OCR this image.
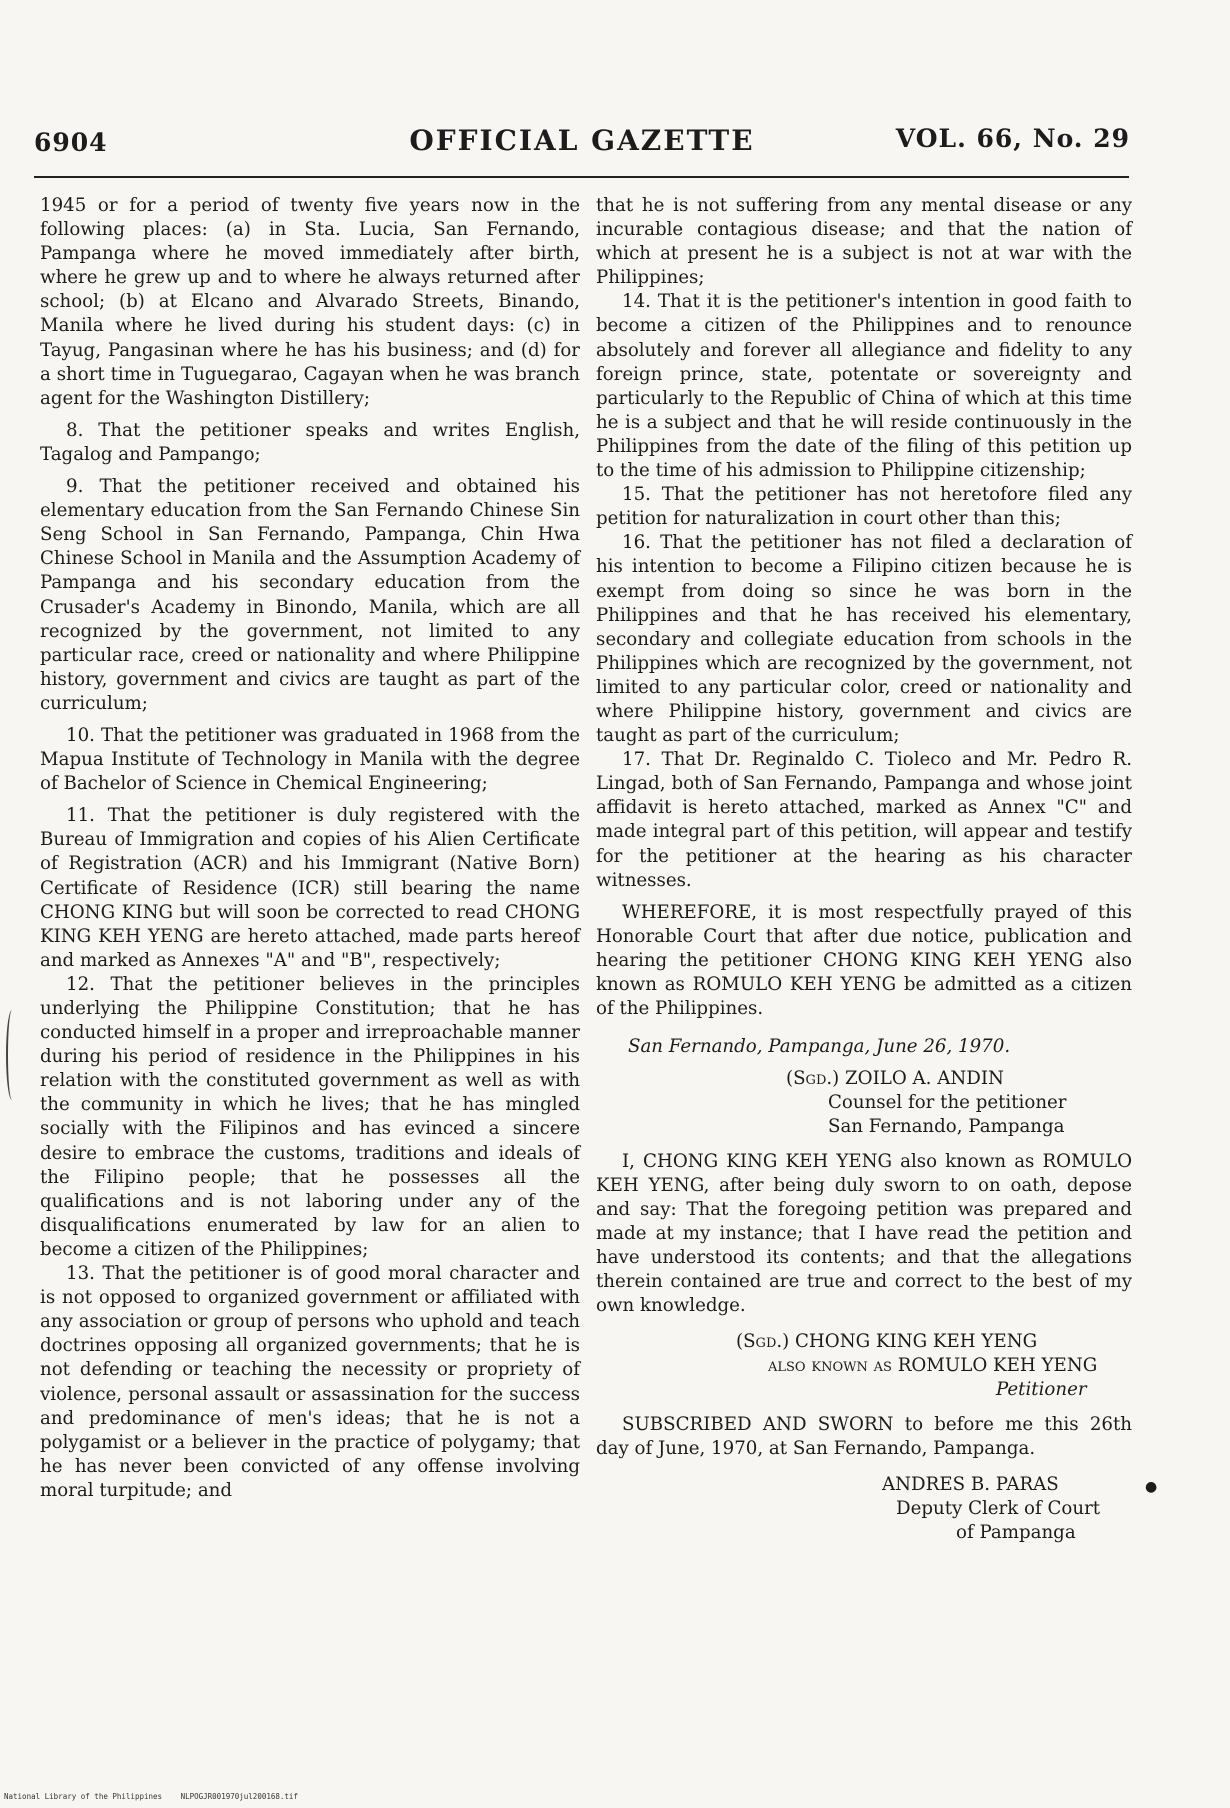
6904	OFFICIAL GAZETTE	VOL. 66, No. 29

1945 or for a period of twenty five years now in the following places: (a) in Sta. Lucia, San Fernando, Pampanga where he moved immediately after birth, where he grew up and to where he always returned after school; (b) at Elcano and Alvarado Streets, Binando, Manila where he lived during his student days: (c) in Tayug, Pangasinan where he has his business; and (d) for a short time in Tuguegarao, Cagayan when he was branch agent for the Washington Distillery;

8. That the petitioner speaks and writes English, Tagalog and Pampango;

9. That the petitioner received and obtained his elementary education from the San Fernando Chinese Sin Seng School in San Fernando, Pampanga, Chin Hwa Chinese School in Manila and the Assumption Academy of Pampanga and his secondary education from the Crusader's Academy in Binondo, Manila, which are all recognized by the government, not limited to any particular race, creed or nationality and where Philippine history, government and civics are taught as part of the curriculum;

10. That the petitioner was graduated in 1968 from the Mapua Institute of Technology in Manila with the degree of Bachelor of Science in Chemical Engineering;

11. That the petitioner is duly registered with the Bureau of Immigration and copies of his Alien Certificate of Registration (ACR) and his Immigrant (Native Born) Certificate of Residence (ICR) still bearing the name CHONG KING but will soon be corrected to read CHONG KING KEH YENG are hereto attached, made parts hereof and marked as Annexes "A" and "B", respectively;

12. That the petitioner believes in the principles underlying the Philippine Constitution; that he has conducted himself in a proper and irreproachable manner during his period of residence in the Philippines in his relation with the constituted government as well as with the community in which he lives; that he has mingled socially with the Filipinos and has evinced a sincere desire to embrace the customs, traditions and ideals of the Filipino people; that he possesses all the qualifications and is not laboring under any of the disqualifications enumerated by law for an alien to become a citizen of the Philippines;

13. That the petitioner is of good moral character and is not opposed to organized government or affiliated with any association or group of persons who uphold and teach doctrines opposing all organized governments; that he is not defending or teaching the necessity or propriety of violence, personal assault or assassination for the success and predominance of men's ideas; that he is not a polygamist or a believer in the practice of polygamy; that he has never been convicted of any offense involving moral turpitude; and

that he is not suffering from any mental disease or any incurable contagious disease; and that the nation of which at present he is a subject is not at war with the Philippines;

14. That it is the petitioner's intention in good faith to become a citizen of the Philippines and to renounce absolutely and forever all allegiance and fidelity to any foreign prince, state, potentate or sovereignty and particularly to the Republic of China of which at this time he is a subject and that he will reside continuously in the Philippines from the date of the filing of this petition up to the time of his admission to Philippine citizenship;

15. That the petitioner has not heretofore filed any petition for naturalization in court other than this;

16. That the petitioner has not filed a declaration of his intention to become a Filipino citizen because he is exempt from doing so since he was born in the Philippines and that he has received his elementary, secondary and collegiate education from schools in the Philippines which are recognized by the government, not limited to any particular color, creed or nationality and where Philippine history, government and civics are taught as part of the curriculum;

17. That Dr. Reginaldo C. Tioleco and Mr. Pedro R. Lingad, both of San Fernando, Pampanga and whose joint affidavit is hereto attached, marked as Annex "C" and made integral part of this petition, will appear and testify for the petitioner at the hearing as his character witnesses.

WHEREFORE, it is most respectfully prayed of this Honorable Court that after due notice, publication and hearing the petitioner CHONG KING KEH YENG also known as ROMULO KEH YENG be admitted as a citizen of the Philippines.

San Fernando, Pampanga, June 26, 1970.

(Sgd.) ZOILO A. ANDIN
Counsel for the petitioner
San Fernando, Pampanga

I, CHONG KING KEH YENG also known as ROMULO KEH YENG, after being duly sworn to on oath, depose and say: That the foregoing petition was prepared and made at my instance; that I have read the petition and have understood its contents; and that the allegations therein contained are true and correct to the best of my own knowledge.

(Sgd.) CHONG KING KEH YENG
also known as ROMULO KEH YENG
Petitioner

SUBSCRIBED AND SWORN to before me this 26th day of June, 1970, at San Fernando, Pampanga.

ANDRES B. PARAS
Deputy Clerk of Court
of Pampanga
●
National Library of the Philippines NLPOGJR001970jul200168.tif
